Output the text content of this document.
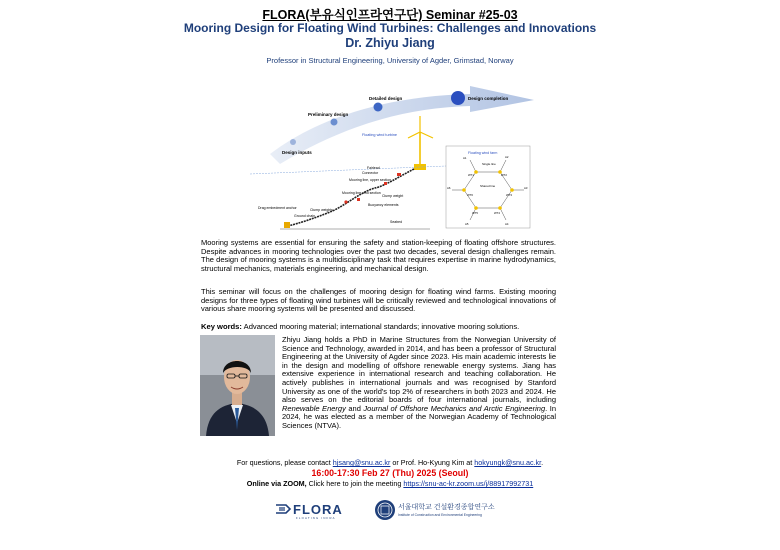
FLORA(부유식인프라연구단) Seminar #25-03
Mooring Design for Floating Wind Turbines: Challenges and Innovations
Dr. Zhiyu Jiang
Professor in Structural Engineering, University of Agder, Grimstad, Norway
Design inputs
Preliminary design
Detailed design	Design completion
Floating wind turbine
Fairlead
Connector
Mooring line, upper section
Mooring line, mid section
Clump weight
Buoyancy elements
Clump weights
Ground chain
Drag embedment anchor
Seabed
Floating wind farm
Single line
Shared line
A1	A2
A3
A4
A5
A6
WT1	WT2
WT3
WT4
WT5
WT6
Mooring systems are essential for ensuring the safety and station-keeping of floating offshore structures. Despite advances in mooring technologies over the past two decades, several design challenges remain. The design of mooring systems is a multidisciplinary task that requires expertise in marine hydrodynamics, structural mechanics, materials engineering, and mechanical design.
This seminar will focus on the challenges of mooring design for floating wind farms. Existing mooring designs for three types of floating wind turbines will be critically reviewed and technological innovations of various share mooring systems will be presented and discussed.
Key words: Advanced mooring material; international standards; innovative mooring solutions.
Zhiyu Jiang holds a PhD in Marine Structures from the Norwegian University of Science and Technology, awarded in 2014, and has been a professor of Structural Engineering at the University of Agder since 2023. His main academic interests lie in the design and modelling of offshore renewable energy systems. Jiang has extensive experience in international research and teaching collaboration. He actively publishes in international journals and was recognised by Stanford University as one of the world's top 2% of researchers in both 2023 and 2024. He also serves on the editorial boards of four international journals, including Renewable Energy and Journal of Offshore Mechanics and Arctic Engineering. In 2024, he was elected as a member of the Norwegian Academy of Technological Sciences (NTVA).
For questions, please contact hjsang@snu.ac.kr or Prof. Ho-Kyung Kim at hokyungk@snu.ac.kr.
16:00-17:30 Feb 27 (Thu) 2025 (Seoul)
Online via ZOOM, Click here to join the meeting https://snu-ac-kr.zoom.us/j/88917992731
FLORA
FLOATING INFRA
서울대학교 건설환경종합연구소
Institute of Construction and Environmental Engineering
